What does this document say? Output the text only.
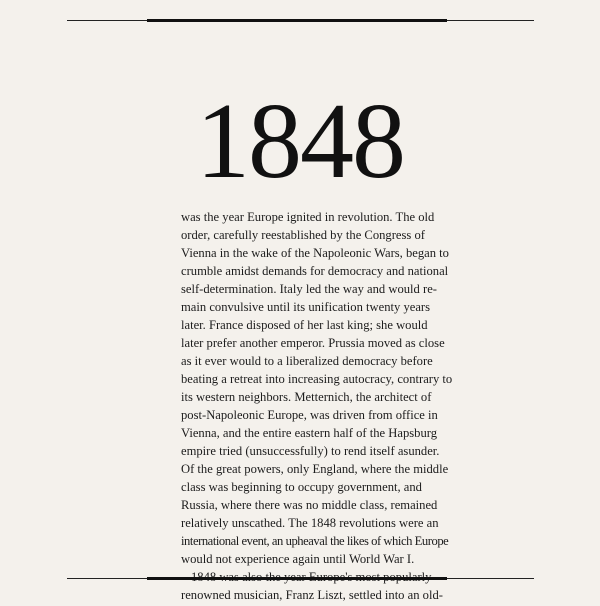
1848
was the year Europe ignited in revolution. The old
order, carefully reestablished by the Congress of
Vienna in the wake of the Napoleonic Wars, began to
crumble amidst demands for democracy and national
self-determination. Italy led the way and would re-
main convulsive until its unification twenty years
later. France disposed of her last king; she would
later prefer another emperor. Prussia moved as close
as it ever would to a liberalized democracy before
beating a retreat into increasing autocracy, contrary to
its western neighbors. Metternich, the architect of
post-Napoleonic Europe, was driven from office in
Vienna, and the entire eastern half of the Hapsburg
empire tried (unsuccessfully) to rend itself asunder.
Of the great powers, only England, where the middle
class was beginning to occupy government, and
Russia, where there was no middle class, remained
relatively unscathed. The 1848 revolutions were an
international event, an upheaval the likes of which Europe
would not experience again until World War I.
renowned musician, Franz Liszt, settled into an old-
